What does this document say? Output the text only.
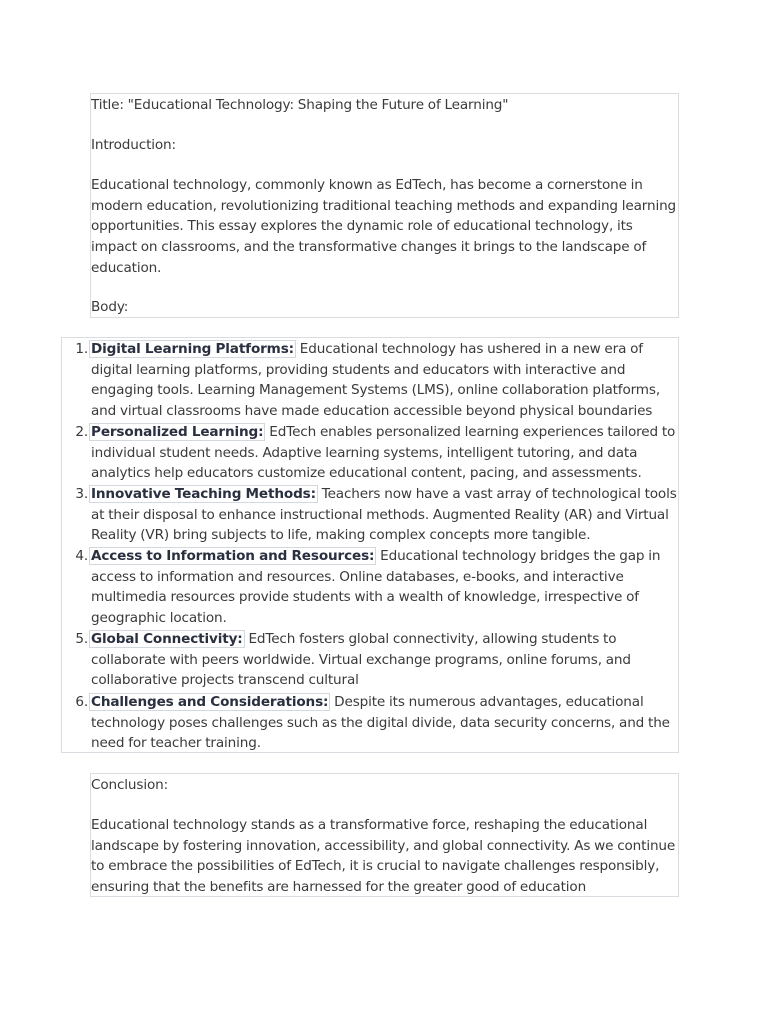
Title: "Educational Technology: Shaping the Future of Learning"

Introduction:

Educational technology, commonly known as EdTech, has become a cornerstone in modern education, revolutionizing traditional teaching methods and expanding learning opportunities. This essay explores the dynamic role of educational technology, its impact on classrooms, and the transformative changes it brings to the landscape of education.

Body:

1. Digital Learning Platforms: Educational technology has ushered in a new era of digital learning platforms, providing students and educators with interactive and engaging tools. Learning Management Systems (LMS), online collaboration platforms, and virtual classrooms have made education accessible beyond physical boundaries
2. Personalized Learning: EdTech enables personalized learning experiences tailored to individual student needs. Adaptive learning systems, intelligent tutoring, and data analytics help educators customize educational content, pacing, and assessments.
3. Innovative Teaching Methods: Teachers now have a vast array of technological tools at their disposal to enhance instructional methods. Augmented Reality (AR) and Virtual Reality (VR) bring subjects to life, making complex concepts more tangible.
4. Access to Information and Resources: Educational technology bridges the gap in access to information and resources. Online databases, e-books, and interactive multimedia resources provide students with a wealth of knowledge, irrespective of geographic location.
5. Global Connectivity: EdTech fosters global connectivity, allowing students to collaborate with peers worldwide. Virtual exchange programs, online forums, and collaborative projects transcend cultural
6. Challenges and Considerations: Despite its numerous advantages, educational technology poses challenges such as the digital divide, data security concerns, and the need for teacher training.

Conclusion:

Educational technology stands as a transformative force, reshaping the educational landscape by fostering innovation, accessibility, and global connectivity. As we continue to embrace the possibilities of EdTech, it is crucial to navigate challenges responsibly, ensuring that the benefits are harnessed for the greater good of education
